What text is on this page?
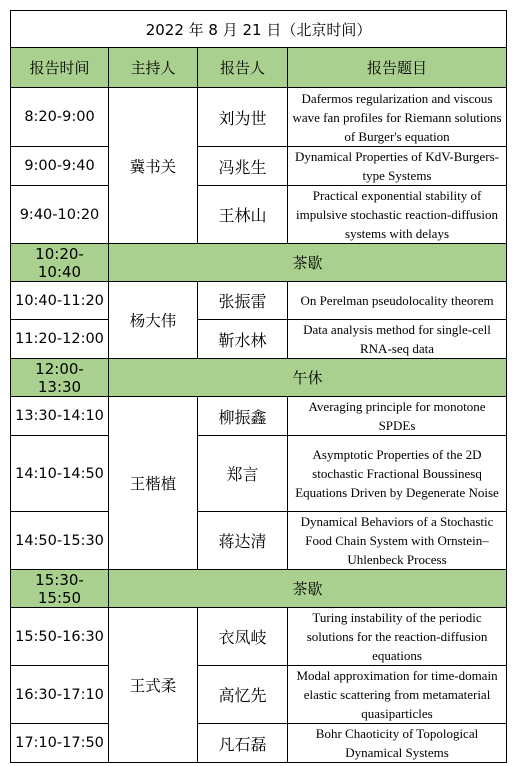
2022 年 8 月 21 日（北京时间）			
报告时间	主持人	报告人	报告题目
8:20-9:00	冀书关	刘为世	Dafermos regularization and viscous wave fan profiles for Riemann solutions of Burger's equation
9:00-9:40		冯兆生	Dynamical Properties of KdV-Burgers-type Systems
9:40-10:20		王林山	Practical exponential stability of impulsive stochastic reaction-diffusion systems with delays
10:20-10:40	茶歇		
10:40-11:20	杨大伟	张振雷	On Perelman pseudolocality theorem
11:20-12:00		靳水林	Data analysis method for single-cell RNA-seq data
12:00-13:30	午休		
13:30-14:10	王楷植	柳振鑫	Averaging principle for monotone SPDEs
14:10-14:50		郑言	Asymptotic Properties of the 2D stochastic Fractional Boussinesq Equations Driven by Degenerate Noise
14:50-15:30		蒋达清	Dynamical Behaviors of a Stochastic Food Chain System with Ornstein–Uhlenbeck Process
15:30-15:50	茶歇		
15:50-16:30	王式柔	衣凤岐	Turing instability of the periodic solutions for the reaction-diffusion equations
16:30-17:10		高忆先	Modal approximation for time-domain elastic scattering from metamaterial quasiparticles
17:10-17:50		凡石磊	Bohr Chaoticity of Topological Dynamical Systems
